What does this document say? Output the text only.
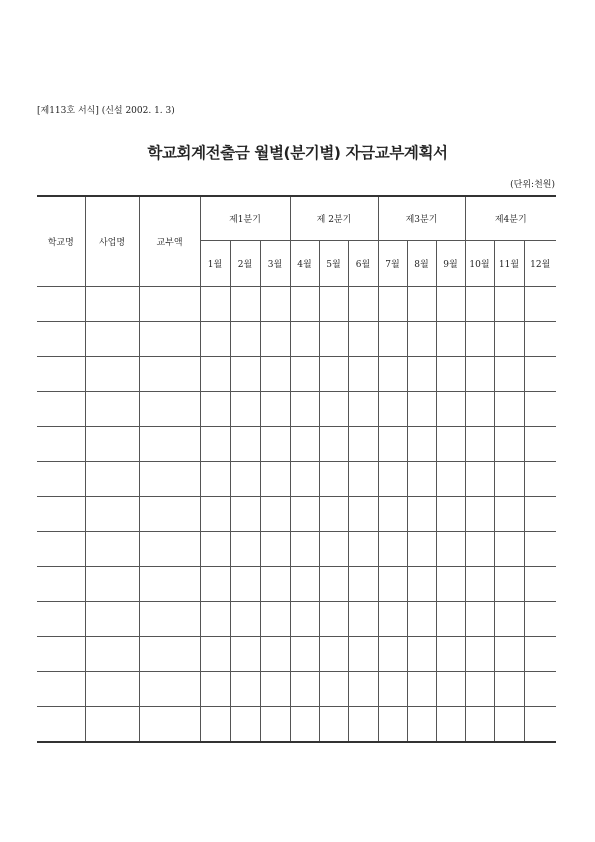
[제113호 서식] (신설 2002. 1. 3)
학교회계전출금 월별(분기별) 자금교부계획서
(단위:천원)
학교명	사업명	교부액	제1분기			제 2분기			제3분기			제4분기		
			1월	2월	3월	4월	5월	6월	7월	8월	9월	10월	11월	12월
